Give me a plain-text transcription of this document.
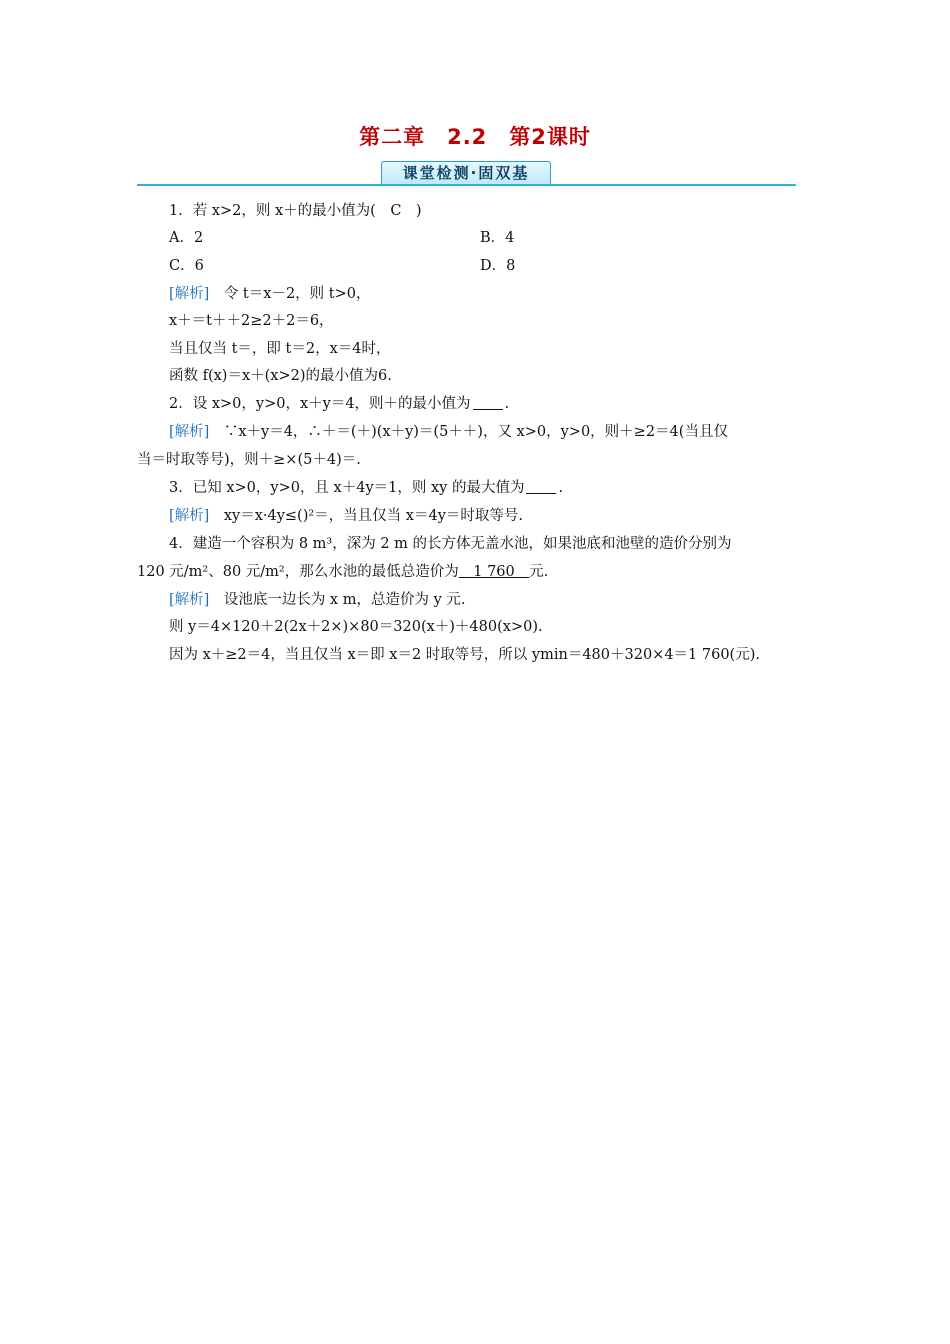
第二章　2.2　第2课时
课堂检测·固双基
1．若 x>2，则 x＋的最小值为(　C　)
A．2	B．4
C．6	D．8
[解析]　令 t＝x－2，则 t>0，
x＋＝t＋＋2≥2＋2＝6，
当且仅当 t＝，即 t＝2，x＝4时，
函数 f(x)＝x＋(x>2)的最小值为6.
2．设 x>0，y>0，x＋y＝4，则＋的最小值为 .
[解析]　∵x＋y＝4，∴＋＝(＋)(x＋y)＝(5＋＋)，又 x>0，y>0，则＋≥2＝4(当且仅
当＝时取等号)，则＋≥×(5＋4)＝.
3．已知 x>0，y>0，且 x＋4y＝1，则 xy 的最大值为 .
[解析]　xy＝x·4y≤()²＝，当且仅当 x＝4y＝时取等号.
4．建造一个容积为 8 m³，深为 2 m 的长方体无盖水池，如果池底和池壁的造价分别为
120 元/m²、80 元/m²，那么水池的最低总造价为　1 760　元.
[解析]　设池底一边长为 x m，总造价为 y 元.
则 y＝4×120＋2(2x＋2×)×80＝320(x＋)＋480(x>0).
因为 x＋≥2＝4，当且仅当 x＝即 x＝2 时取等号，所以 ymin＝480＋320×4＝1 760(元).
